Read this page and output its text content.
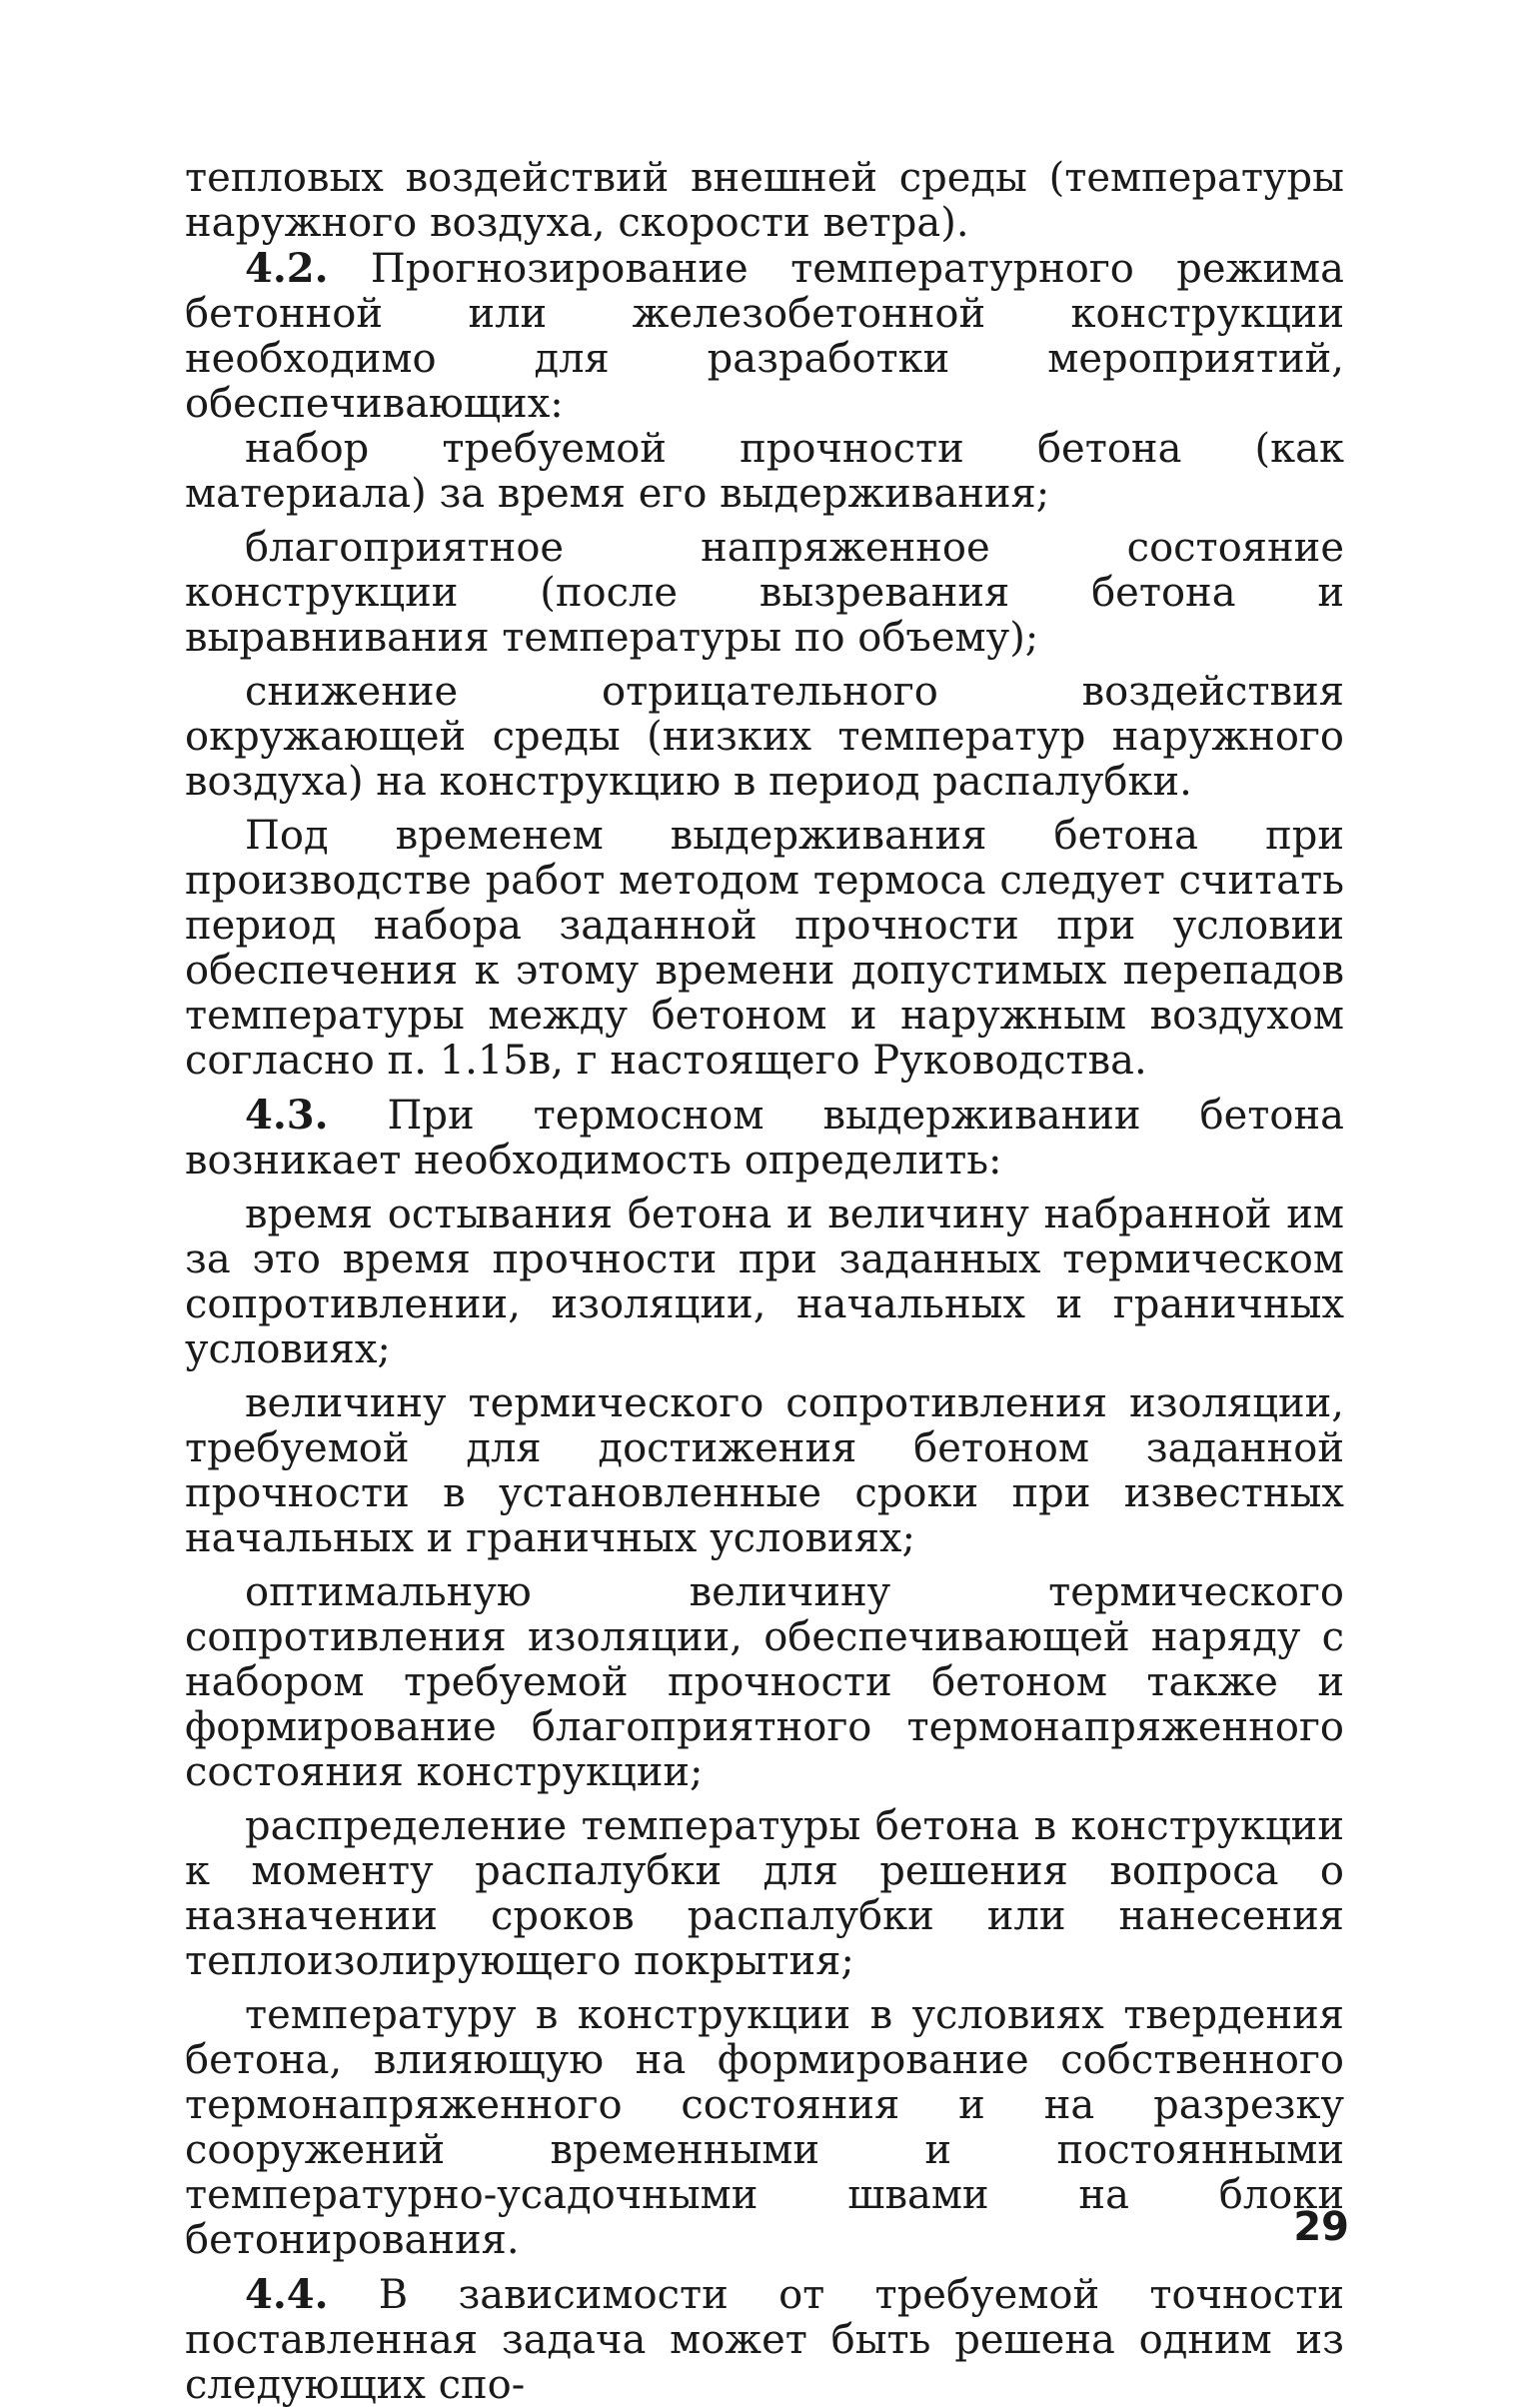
тепловых воздействий внешней среды (температуры наружного воздуха, скорости ветра).

4.2. Прогнозирование температурного режима бетонной или железобетонной конструкции необходимо для разработки мероприятий, обеспечивающих:

набор требуемой прочности бетона (как материала) за время его выдерживания;

благоприятное напряженное состояние конструкции (после вызревания бетона и выравнивания температуры по объему);

снижение отрицательного воздействия окружающей среды (низких температур наружного воздуха) на конструкцию в период распалубки.

Под временем выдерживания бетона при производстве работ методом термоса следует считать период набора заданной прочности при условии обеспечения к этому времени допустимых перепадов температуры между бетоном и наружным воздухом согласно п. 1.15в, г настоящего Руководства.

4.3. При термосном выдерживании бетона возникает необходимость определить:

время остывания бетона и величину набранной им за это время прочности при заданных термическом сопротивлении, изоляции, начальных и граничных условиях;

величину термического сопротивления изоляции, требуемой для достижения бетоном заданной прочности в установленные сроки при известных начальных и граничных условиях;

оптимальную величину термического сопротивления изоляции, обеспечивающей наряду с набором требуемой прочности бетоном также и формирование благоприятного термонапряженного состояния конструкции;

распределение температуры бетона в конструкции к моменту распалубки для решения вопроса о назначении сроков распалубки или нанесения теплоизолирующего покрытия;

температуру в конструкции в условиях твердения бетона, влияющую на формирование собственного термонапряженного состояния и на разрезку сооружений временными и постоянными температурно-усадочными швами на блоки бетонирования.

4.4. В зависимости от требуемой точности поставленная задача может быть решена одним из следующих спо-

29
